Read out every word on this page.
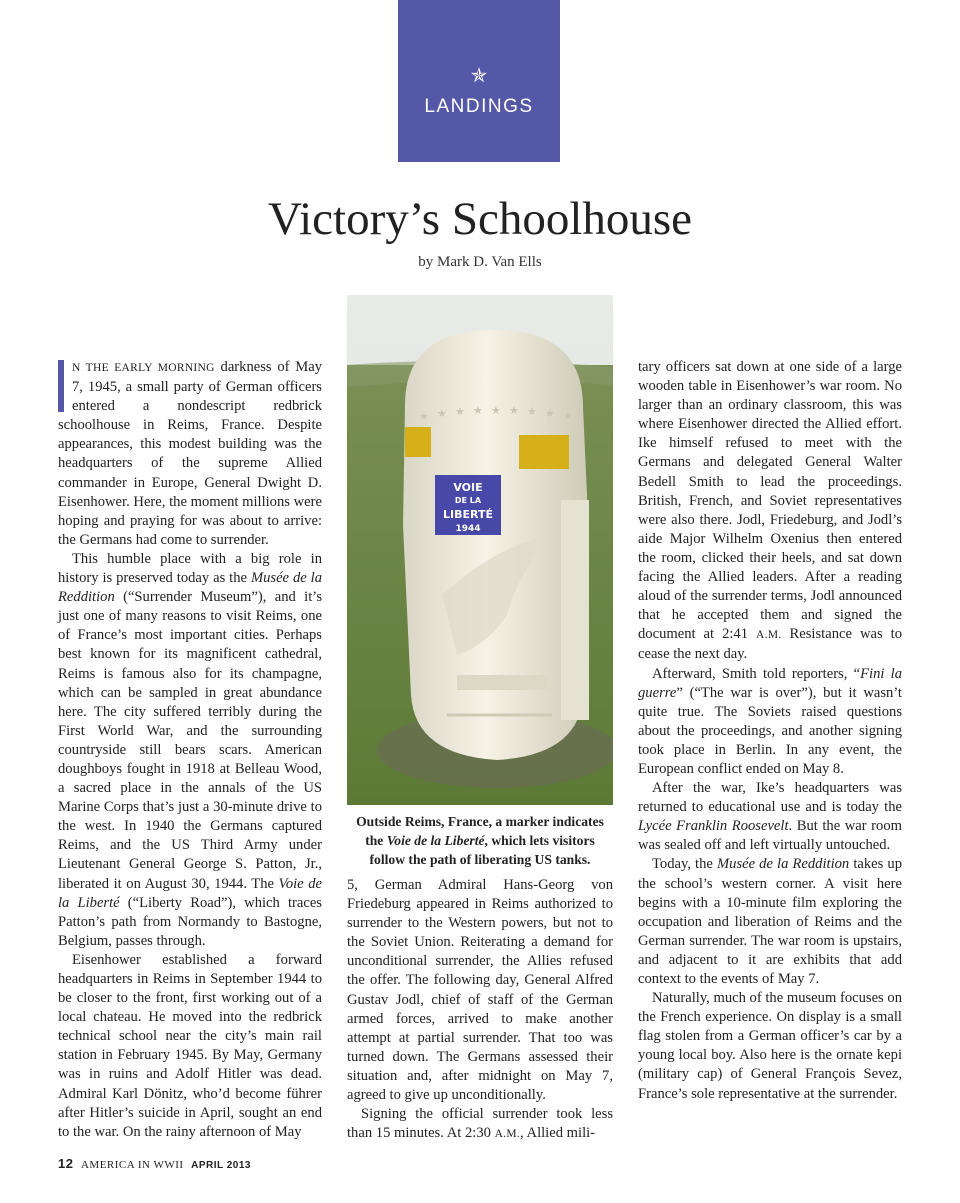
✯
LANDINGS
Victory’s Schoolhouse
by Mark D. Van Ells
★ ★ ★ ★ ★ ★ ★ ★ ★
VOIE
DE LA
LIBERTÉ
1944
Outside Reims, France, a marker indicates
the Voie de la Liberté, which lets visitors
follow the path of liberating US tanks.

N THE EARLY MORNING darkness of May 7, 1945, a small party of German officers entered a nondescript redbrick schoolhouse in Reims, France. Despite appearances, this modest building was the headquarters of the supreme Allied commander in Europe, General Dwight D. Eisenhower. Here, the moment millions were hoping and praying for was about to arrive: the Germans had come to surrender.

This humble place with a big role in history is preserved today as the Musée de la Reddition (“Surrender Museum”), and it’s just one of many reasons to visit Reims, one of France’s most important cities. Perhaps best known for its magnificent cathedral, Reims is famous also for its champagne, which can be sampled in great abundance here. The city suffered terribly during the First World War, and the surrounding countryside still bears scars. American doughboys fought in 1918 at Belleau Wood, a sacred place in the annals of the US Marine Corps that’s just a 30-minute drive to the west. In 1940 the Germans captured Reims, and the US Third Army under Lieutenant General George S. Patton, Jr., liberated it on August 30, 1944. The Voie de la Liberté (“Liberty Road”), which traces Patton’s path from Normandy to Bastogne, Belgium, passes through.

Eisenhower established a forward headquarters in Reims in September 1944 to be closer to the front, first working out of a local chateau. He moved into the redbrick technical school near the city’s main rail station in February 1945. By May, Germany was in ruins and Adolf Hitler was dead. Admiral Karl Dönitz, who’d become führer after Hitler’s suicide in April, sought an end to the war. On the rainy afternoon of May

5, German Admiral Hans-Georg von Friedeburg appeared in Reims authorized to surrender to the Western powers, but not to the Soviet Union. Reiterating a demand for unconditional surrender, the Allies refused the offer. The following day, General Alfred Gustav Jodl, chief of staff of the German armed forces, arrived to make another attempt at partial surrender. That too was turned down. The Germans assessed their situation and, after midnight on May 7, agreed to give up unconditionally.

Signing the official surrender took less than 15 minutes. At 2:30 A.M., Allied mili-

tary officers sat down at one side of a large wooden table in Eisenhower’s war room. No larger than an ordinary classroom, this was where Eisenhower directed the Allied effort. Ike himself refused to meet with the Germans and delegated General Walter Bedell Smith to lead the proceedings. British, French, and Soviet representatives were also there. Jodl, Friedeburg, and Jodl’s aide Major Wilhelm Oxenius then entered the room, clicked their heels, and sat down facing the Allied leaders. After a reading aloud of the surrender terms, Jodl announced that he accepted them and signed the document at 2:41 A.M. Resistance was to cease the next day.

Afterward, Smith told reporters, “Fini la guerre” (“The war is over”), but it wasn’t quite true. The Soviets raised questions about the proceedings, and another signing took place in Berlin. In any event, the European conflict ended on May 8.

After the war, Ike’s headquarters was returned to educational use and is today the Lycée Franklin Roosevelt. But the war room was sealed off and left virtually untouched.

Today, the Musée de la Reddition takes up the school’s western corner. A visit here begins with a 10-minute film exploring the occupation and liberation of Reims and the German surrender. The war room is upstairs, and adjacent to it are exhibits that add context to the events of May 7.

Naturally, much of the museum focuses on the French experience. On display is a small flag stolen from a German officer’s car by a young local boy. Also here is the ornate kepi (military cap) of General François Sevez, France’s sole representative at the surrender.

12 AMERICA IN WWII APRIL 2013
